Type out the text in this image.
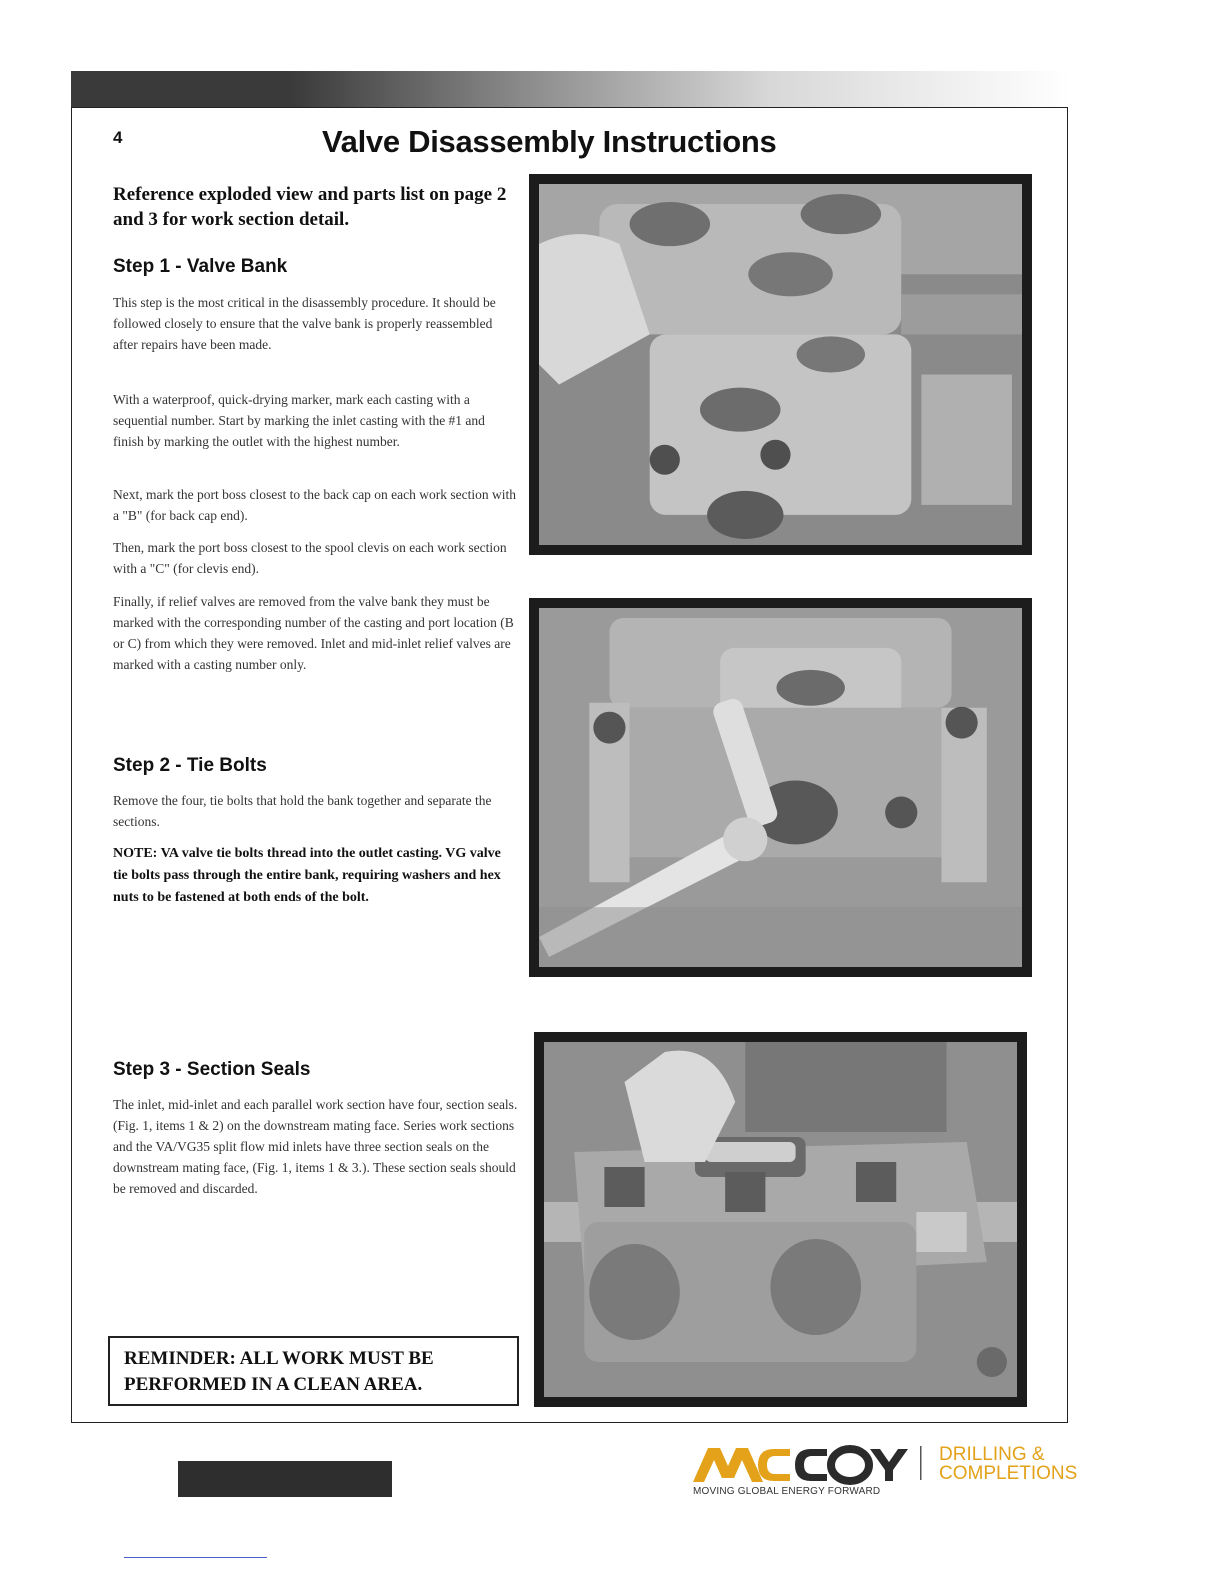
4	Valve Disassembly Instructions
Reference exploded view and parts list on page 2 and 3 for work section detail.
Step 1 - Valve Bank
This step is the most critical in the disassembly procedure. It should be followed closely to ensure that the valve bank is properly reassembled after repairs have been made.
With a waterproof, quick-drying marker, mark each casting with a sequential number. Start by marking the inlet casting with the #1 and finish by marking the outlet with the highest number.
Next, mark the port boss closest to the back cap on each work section with a "B" (for back cap end).
Then, mark the port boss closest to the spool clevis on each work section with a "C" (for clevis end).
Finally, if relief valves are removed from the valve bank they must be marked with the corresponding number of the casting and port location (B or C) from which they were removed. Inlet and mid-inlet relief valves are marked with a casting number only.
Step 2 - Tie Bolts
Remove the four, tie bolts that hold the bank together and separate the sections.
NOTE: VA valve tie bolts thread into the outlet casting. VG valve tie bolts pass through the entire bank, requiring washers and hex nuts to be fastened at both ends of the bolt.
Step 3 - Section Seals
The inlet, mid-inlet and each parallel work section have four, section seals. (Fig. 1, items 1 & 2) on the downstream mating face. Series work sections and the VA/VG35 split flow mid inlets have three section seals on the downstream mating face, (Fig. 1, items 1 & 3.). These section seals should be removed and discarded.
REMINDER: ALL WORK MUST BE
PERFORMED IN A CLEAN AREA.
DRILLING &
COMPLETIONS
MOVING GLOBAL ENERGY FORWARD
